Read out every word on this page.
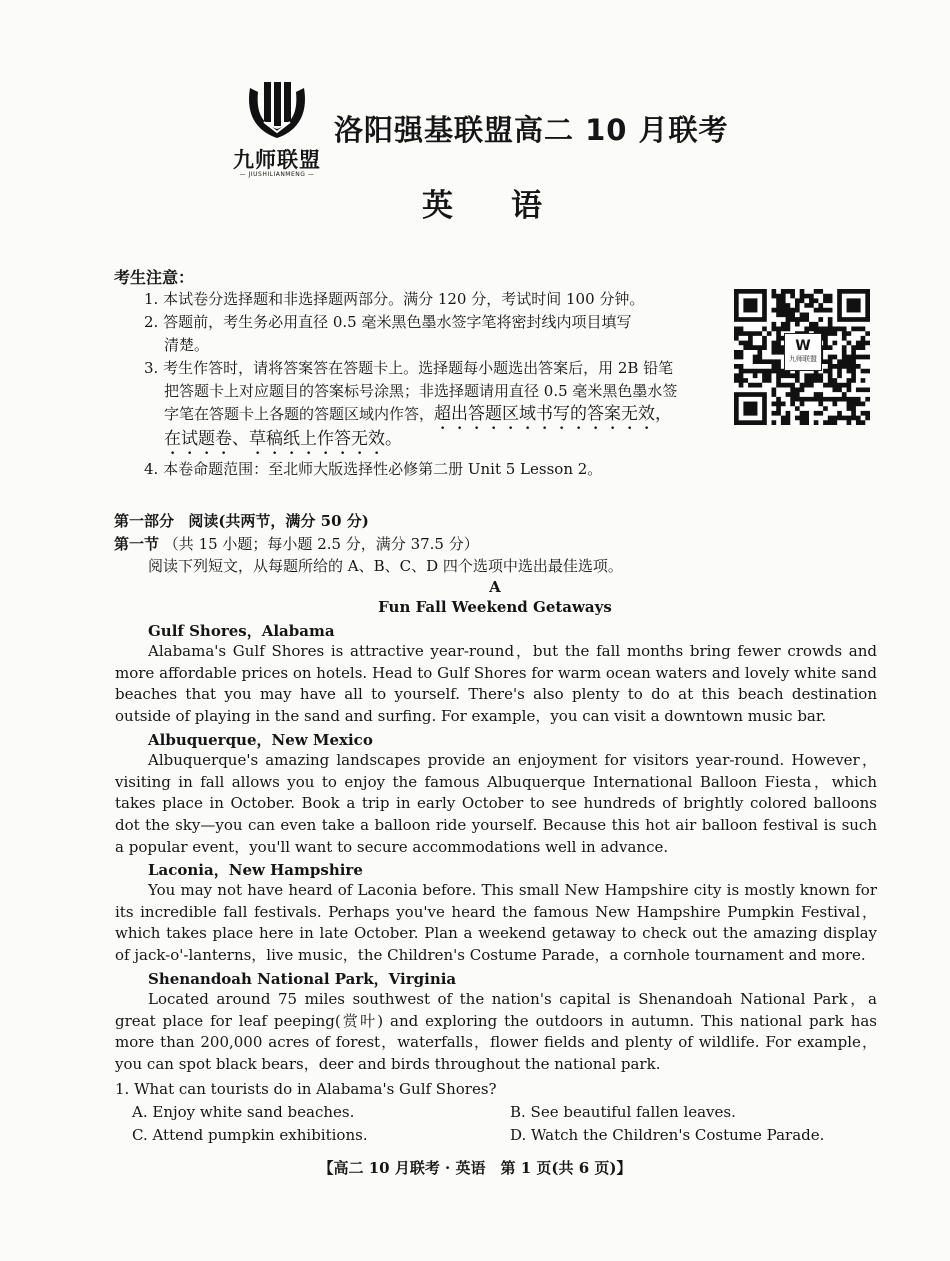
九师联盟
— JIUSHILIANMENG —
洛阳强基联盟高二 10 月联考
英语
考生注意：
1. 本试卷分选择题和非选择题两部分。满分 120 分，考试时间 100 分钟。
2. 答题前，考生务必用直径 0.5 毫米黑色墨水签字笔将密封线内项目填写
清楚。
3. 考生作答时，请将答案答在答题卡上。选择题每小题选出答案后，用 2B 铅笔
把答题卡上对应题目的答案标号涂黑；非选择题请用直径 0.5 毫米黑色墨水签
字笔在答题卡上各题的答题区域内作答，超出答题区域书写的答案无效，
在试题卷、草稿纸上作答无效。
4. 本卷命题范围：至北师大版选择性必修第二册 Unit 5 Lesson 2。
W
九师联盟
第一部分 阅读(共两节，满分 50 分)
第一节 （共 15 小题；每小题 2.5 分，满分 37.5 分）
阅读下列短文，从每题所给的 A、B、C、D 四个选项中选出最佳选项。
A
Fun Fall Weekend Getaways
Gulf Shores，Alabama

Alabama's Gulf Shores is attractive year-round，but the fall months bring fewer crowds and more affordable prices on hotels. Head to Gulf Shores for warm ocean waters and lovely white sand beaches that you may have all to yourself. There's also plenty to do at this beach destination outside of playing in the sand and surfing. For example，you can visit a downtown music bar.

Albuquerque，New Mexico

Albuquerque's amazing landscapes provide an enjoyment for visitors year-round. However，visiting in fall allows you to enjoy the famous Albuquerque International Balloon Fiesta，which takes place in October. Book a trip in early October to see hundreds of brightly colored balloons dot the sky—you can even take a balloon ride yourself. Because this hot air balloon festival is such a popular event，you'll want to secure accommodations well in advance.

Laconia，New Hampshire

You may not have heard of Laconia before. This small New Hampshire city is mostly known for its incredible fall festivals. Perhaps you've heard the famous New Hampshire Pumpkin Festival，which takes place here in late October. Plan a weekend getaway to check out the amazing display of jack-o'-lanterns，live music，the Children's Costume Parade，a cornhole tournament and more.

Shenandoah National Park，Virginia

Located around 75 miles southwest of the nation's capital is Shenandoah National Park，a great place for leaf peeping(赏叶) and exploring the outdoors in autumn. This national park has more than 200,000 acres of forest，waterfalls，flower fields and plenty of wildlife. For example，you can spot black bears，deer and birds throughout the national park.

1. What can tourists do in Alabama's Gulf Shores?
A. Enjoy white sand beaches.	B. See beautiful fallen leaves.
C. Attend pumpkin exhibitions.	D. Watch the Children's Costume Parade.
【高二 10 月联考 · 英语　第 1 页(共 6 页)】
